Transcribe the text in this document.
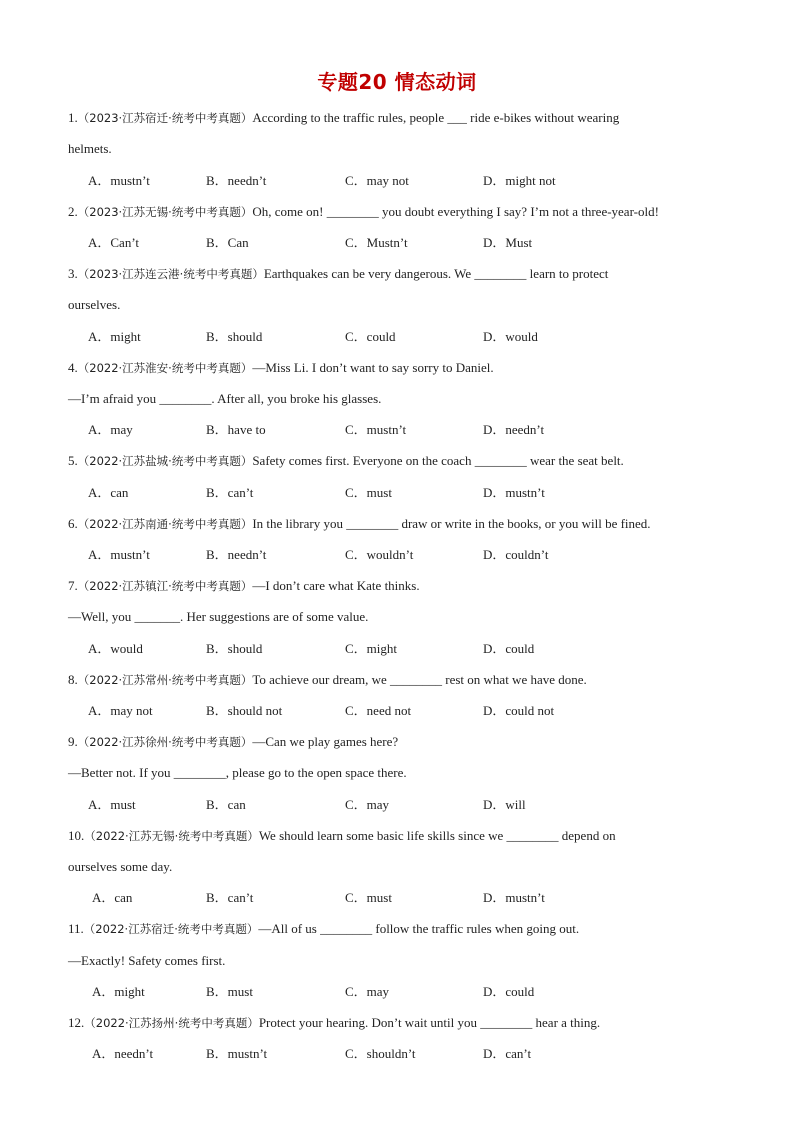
专题20 情态动词
1.（2023·江苏宿迁·统考中考真题）According to the traffic rules, people ___ ride e-bikes without wearing
helmets.
A．mustn’t	B．needn’t	C．may not	D．might not
2.（2023·江苏无锡·统考中考真题）Oh, come on! ________ you doubt everything I say? I’m not a three-year-old!
A．Can’t	B．Can	C．Mustn’t	D．Must
3.（2023·江苏连云港·统考中考真题）Earthquakes can be very dangerous. We ________ learn to protect
ourselves.
A．might	B．should	C．could	D．would
4.（2022·江苏淮安·统考中考真题）—Miss Li. I don’t want to say sorry to Daniel.
—I’m afraid you ________. After all, you broke his glasses.
A．may	B．have to	C．mustn’t	D．needn’t
5.（2022·江苏盐城·统考中考真题）Safety comes first. Everyone on the coach ________ wear the seat belt.
A．can	B．can’t	C．must	D．mustn’t
6.（2022·江苏南通·统考中考真题）In the library you ________ draw or write in the books, or you will be fined.
A．mustn’t	B．needn’t	C．wouldn’t	D．couldn’t
7.（2022·江苏镇江·统考中考真题）—I don’t care what Kate thinks.
—Well, you _______. Her suggestions are of some value.
A．would	B．should	C．might	D．could
8.（2022·江苏常州·统考中考真题）To achieve our dream, we ________ rest on what we have done.
A．may not	B．should not	C．need not	D．could not
9.（2022·江苏徐州·统考中考真题）—Can we play games here?
—Better not. If you ________, please go to the open space there.
A．must	B．can	C．may	D．will
10.（2022·江苏无锡·统考中考真题）We should learn some basic life skills since we ________ depend on
ourselves some day.
A．can	B．can’t	C．must	D．mustn’t
11.（2022·江苏宿迁·统考中考真题）—All of us ________ follow the traffic rules when going out.
—Exactly! Safety comes first.
A．might	B．must	C．may	D．could
12.（2022·江苏扬州·统考中考真题）Protect your hearing. Don’t wait until you ________ hear a thing.
A．needn’t	B．mustn’t	C．shouldn’t	D．can’t
